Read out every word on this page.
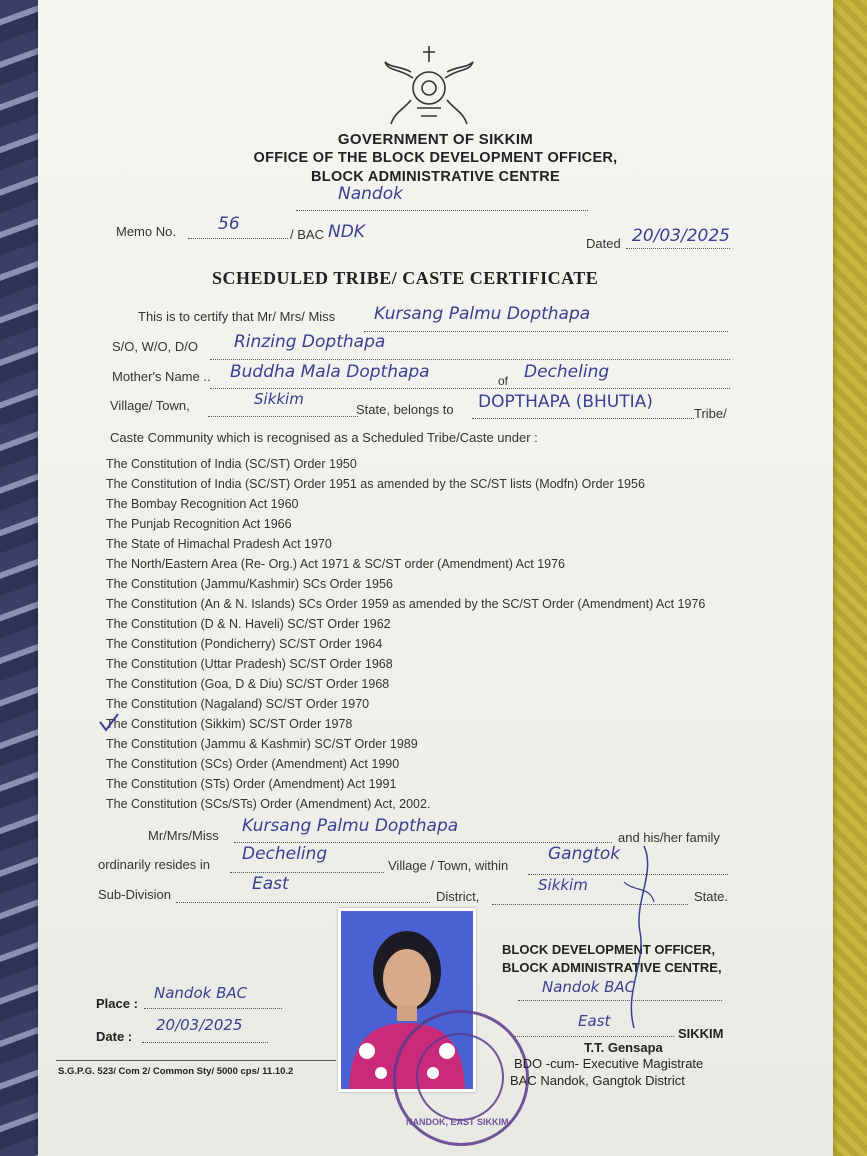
GOVERNMENT OF SIKKIM
OFFICE OF THE BLOCK DEVELOPMENT OFFICER,
BLOCK ADMINISTRATIVE CENTRE
Nandok
Memo No. 56
/ BAC NDK
Dated 20/03/2025
SCHEDULED TRIBE/ CASTE CERTIFICATE
This is to certify that Mr/ Mrs/ Miss Kursang Palmu Dopthapa
S/O, W/O, D/O Rinzing Dopthapa
Mother's Name .. Buddha Mala Dopthapa	of Decheling
Village/ Town,	Sikkim
State, belongs to DOPTHAPA (BHUTIA)
Tribe/
Caste Community which is recognised as a Scheduled Tribe/Caste under :
The Constitution of India (SC/ST) Order 1950
The Constitution of India (SC/ST) Order 1951 as amended by the SC/ST lists (Modfn) Order 1956
The Bombay Recognition Act 1960
The Punjab Recognition Act 1966
The State of Himachal Pradesh Act 1970
The North/Eastern Area (Re- Org.) Act 1971 & SC/ST order (Amendment) Act 1976
The Constitution (Jammu/Kashmir) SCs Order 1956
The Constitution (An & N. Islands) SCs Order 1959 as amended by the SC/ST Order (Amendment) Act 1976
The Constitution (D & N. Haveli) SC/ST Order 1962
The Constitution (Pondicherry) SC/ST Order 1964
The Constitution (Uttar Pradesh) SC/ST Order 1968
The Constitution (Goa, D & Diu) SC/ST Order 1968
The Constitution (Nagaland) SC/ST Order 1970
The Constitution (Sikkim) SC/ST Order 1978
The Constitution (Jammu & Kashmir) SC/ST Order 1989
The Constitution (SCs) Order (Amendment) Act 1990
The Constitution (STs) Order (Amendment) Act 1991
The Constitution (SCs/STs) Order (Amendment) Act, 2002.
Mr/Mrs/Miss Kursang Palmu Dopthapa
and his/her family
ordinarily resides in
Decheling
Village / Town, within
Gangtok
Sub-Division
East
District,
Sikkim
State.
NANDOK, EAST SIKKIM
BLOCK DEVELOPMENT OFFICER,
BLOCK ADMINISTRATIVE CENTRE,
Nandok BAC
East
SIKKIM
T.T. Gensapa
BDO -cum- Executive Magistrate
BAC Nandok, Gangtok District
Place :
Nandok BAC
Date :
20/03/2025
S.G.P.G. 523/ Com 2/ Common Sty/ 5000 cps/ 11.10.2
